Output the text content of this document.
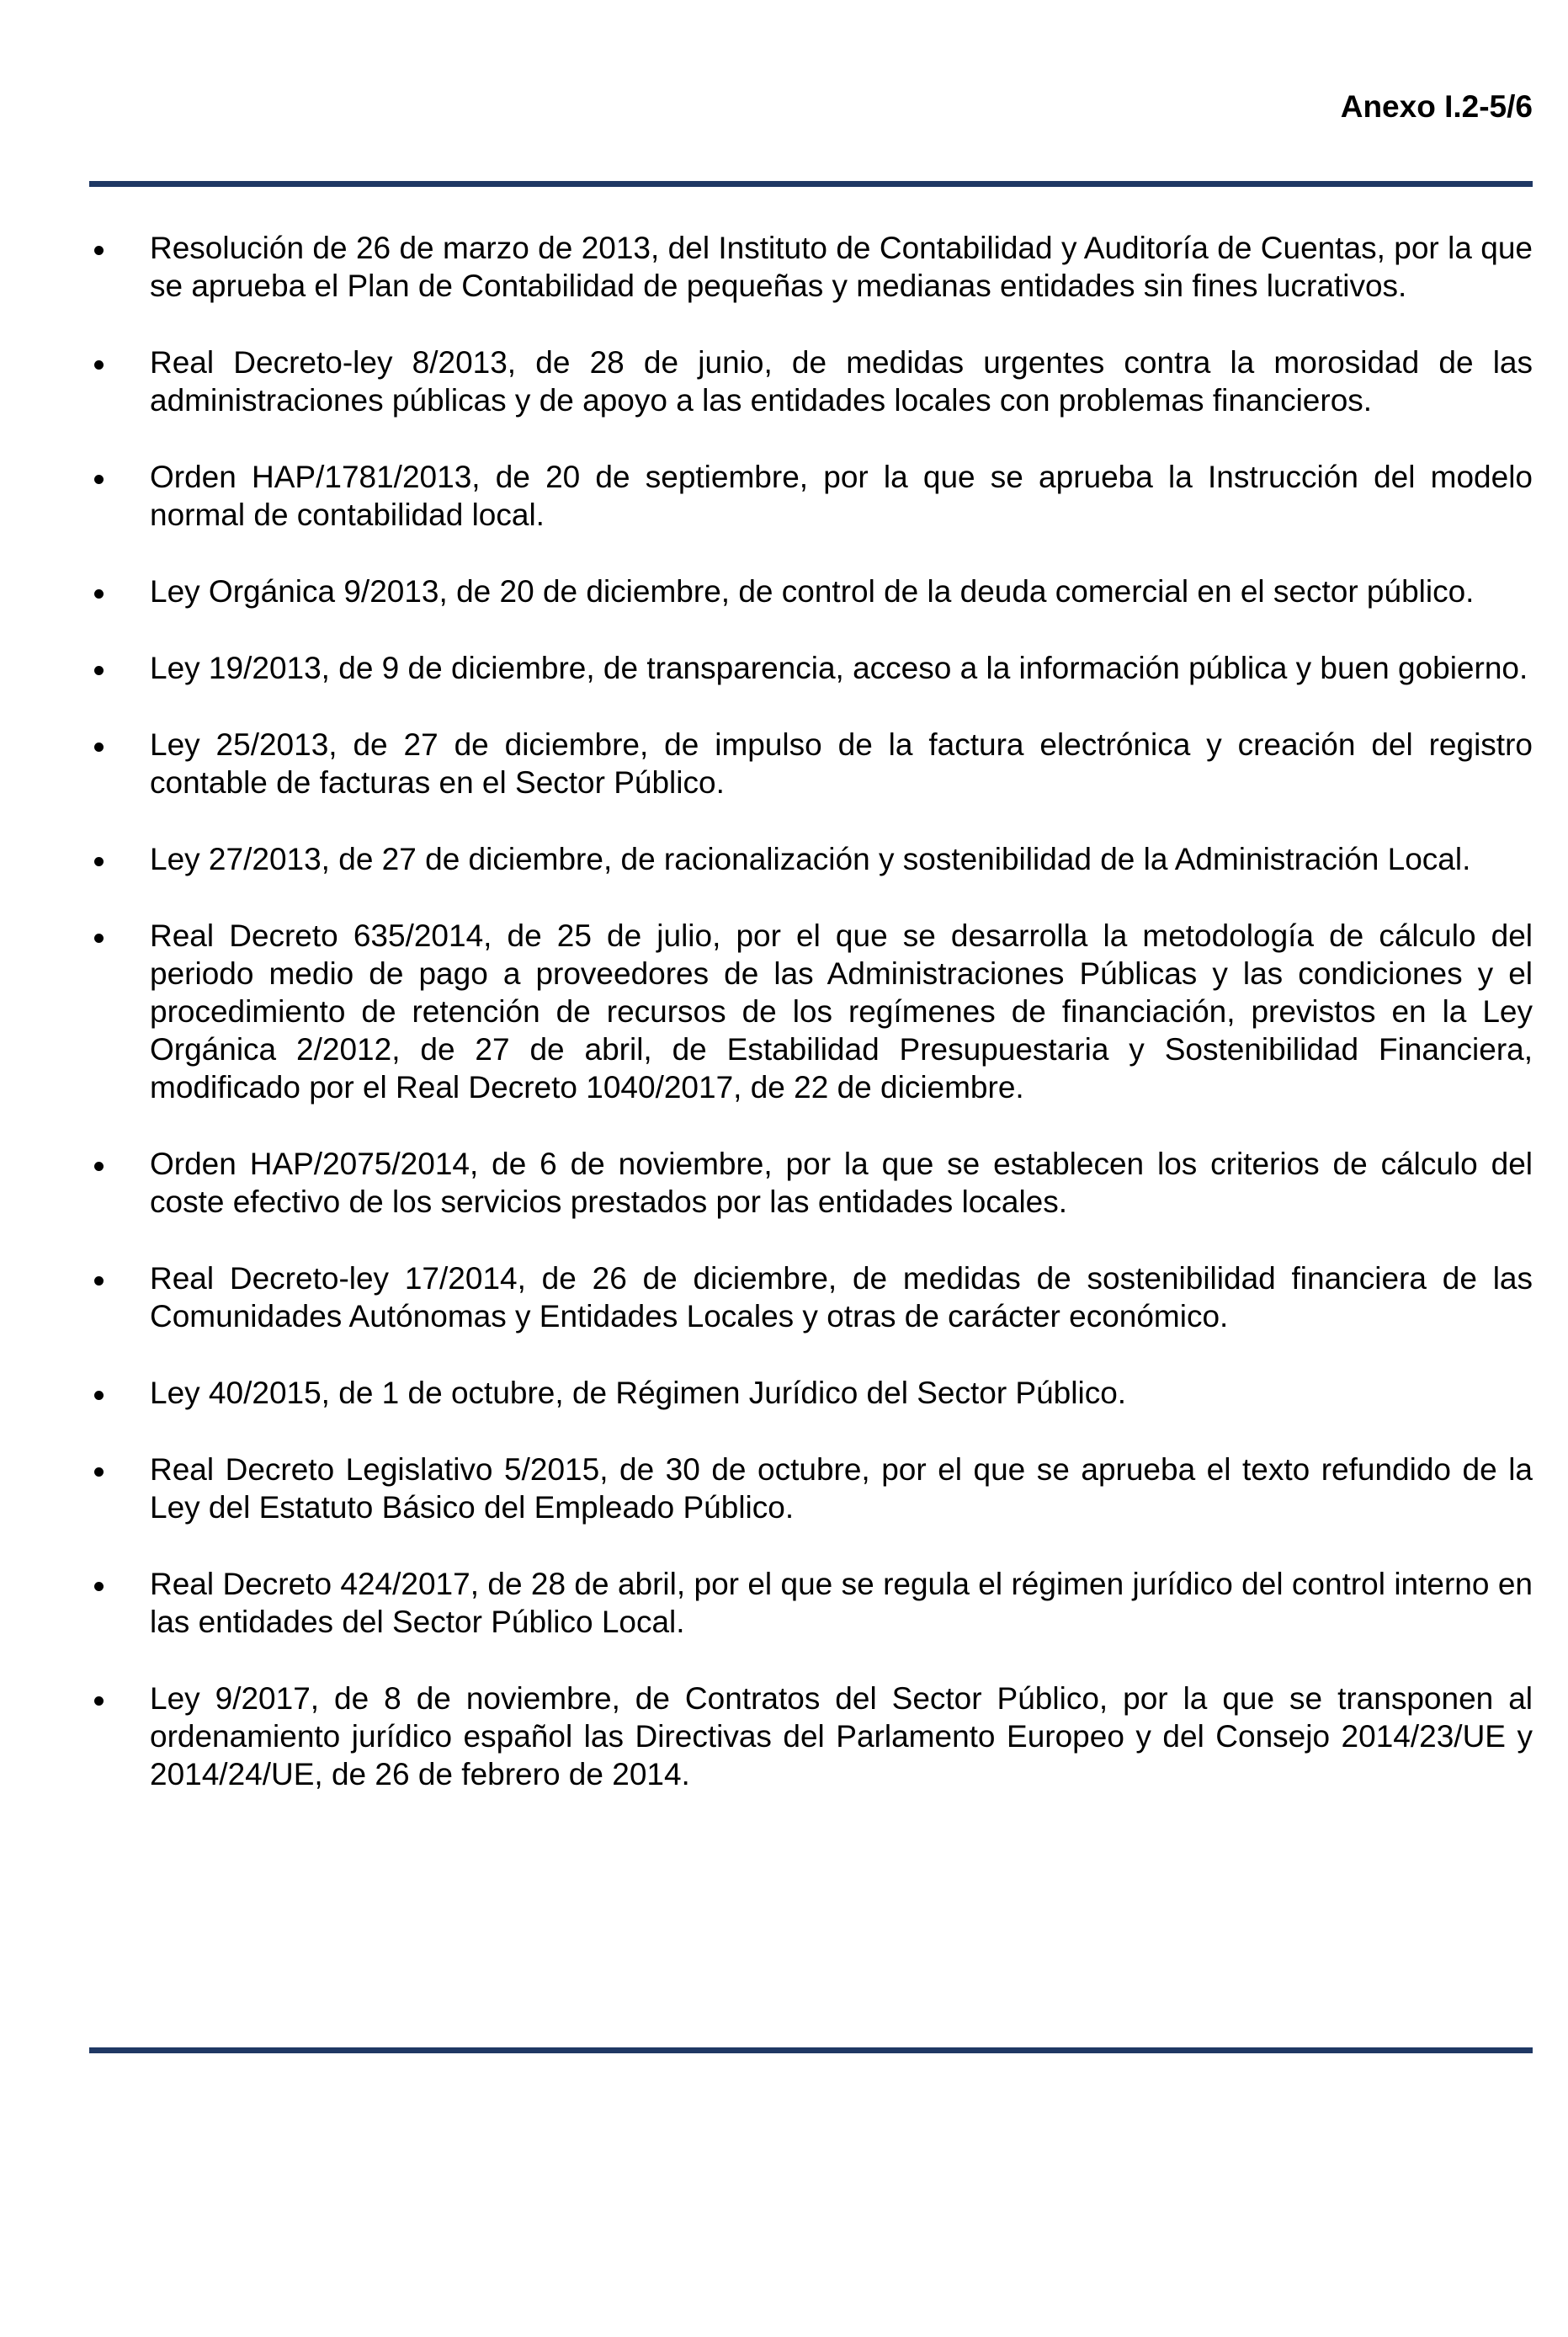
Anexo I.2-5/6
Resolución de 26 de marzo de 2013, del Instituto de Contabilidad y Auditoría de Cuentas, por la que se aprueba el Plan de Contabilidad de pequeñas y medianas entidades sin fines lucrativos.
Real Decreto-ley 8/2013, de 28 de junio, de medidas urgentes contra la morosidad de las administraciones públicas y de apoyo a las entidades locales con problemas financieros.
Orden HAP/1781/2013, de 20 de septiembre, por la que se aprueba la Instrucción del modelo normal de contabilidad local.
Ley Orgánica 9/2013, de 20 de diciembre, de control de la deuda comercial en el sector público.
Ley 19/2013, de 9 de diciembre, de transparencia, acceso a la información pública y buen gobierno.
Ley 25/2013, de 27 de diciembre, de impulso de la factura electrónica y creación del registro contable de facturas en el Sector Público.
Ley 27/2013, de 27 de diciembre, de racionalización y sostenibilidad de la Administración Local.
Real Decreto 635/2014, de 25 de julio, por el que se desarrolla la metodología de cálculo del periodo medio de pago a proveedores de las Administraciones Públicas y las condiciones y el procedimiento de retención de recursos de los regímenes de financiación, previstos en la Ley Orgánica 2/2012, de 27 de abril, de Estabilidad Presupuestaria y Sostenibilidad Financiera, modificado por el Real Decreto 1040/2017, de 22 de diciembre.
Orden HAP/2075/2014, de 6 de noviembre, por la que se establecen los criterios de cálculo del coste efectivo de los servicios prestados por las entidades locales.
Real Decreto-ley 17/2014, de 26 de diciembre, de medidas de sostenibilidad financiera de las Comunidades Autónomas y Entidades Locales y otras de carácter económico.
Ley 40/2015, de 1 de octubre, de Régimen Jurídico del Sector Público.
Real Decreto Legislativo 5/2015, de 30 de octubre, por el que se aprueba el texto refundido de la Ley del Estatuto Básico del Empleado Público.
Real Decreto 424/2017, de 28 de abril, por el que se regula el régimen jurídico del control interno en las entidades del Sector Público Local.
Ley 9/2017, de 8 de noviembre, de Contratos del Sector Público, por la que se transponen al ordenamiento jurídico español las Directivas del Parlamento Europeo y del Consejo 2014/23/UE y 2014/24/UE, de 26 de febrero de 2014.
